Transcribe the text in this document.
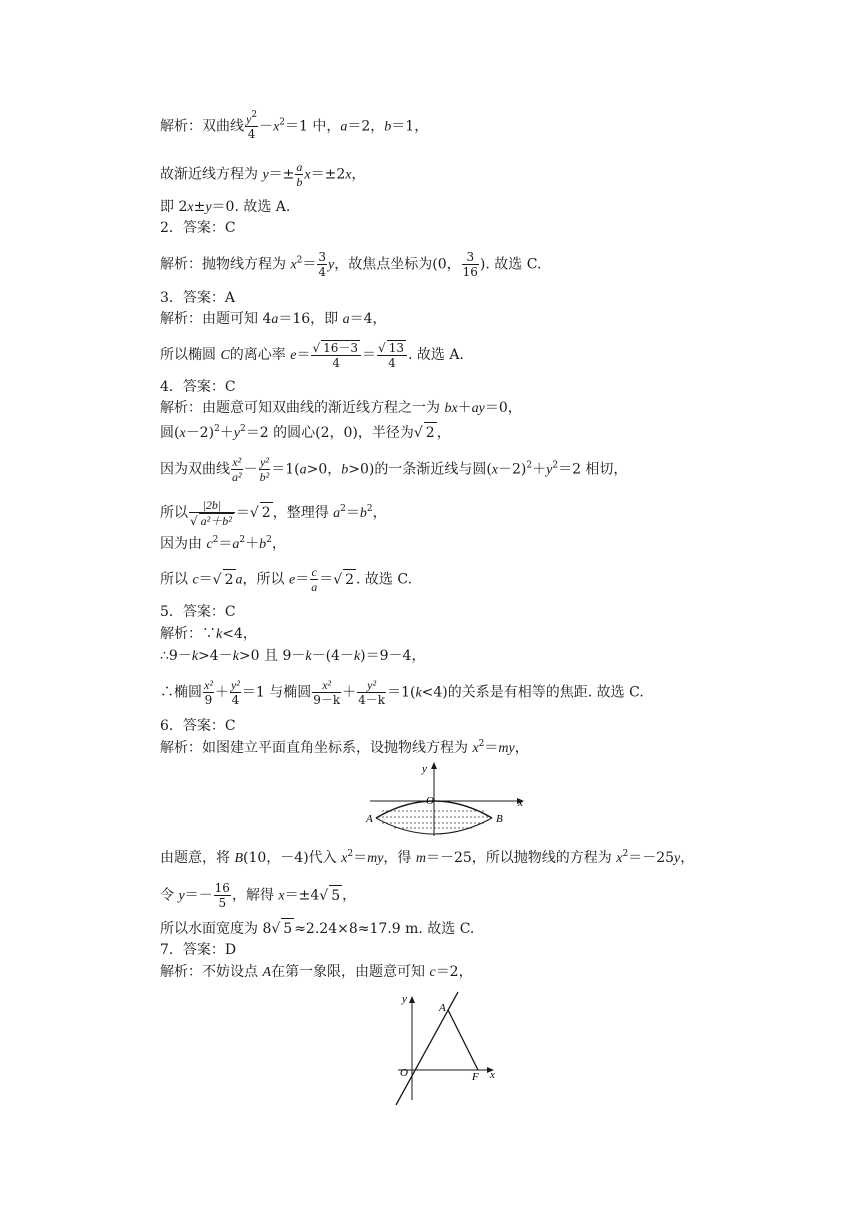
解析：双曲线 $\frac{y^2}{4} -x^2=1$ 中，a＝2，b＝1，
故渐近线方程为 $y=\pm \frac{a}{b} x=\pm 2x$，
即 2x±y＝0. 故选 A.
2．答案：C
解析：抛物线方程为 $x^2= \frac{3}{4}$ y，故焦点坐标为(0， $\frac{3}{16}$ ). 故选 C.
3．答案：A
解析：由题可知 4a＝16，即 a＝4，
所以椭圆 C的离心率 e＝ √ $\frac{16-3}{4}$ ＝ √ $\frac{13}{4}$ . 故选 A.
4．答案：C
解析：由题意可知双曲线的渐近线方程之一为 bx＋ay＝0，
圆$(x-2)^2+y^2=2$ 的圆心(2，0)，半径为 √ 2 ，
因为双曲线 $\frac{\text{x²}}{\text{a²}} - \frac{\text{y²}}{\text{b²}} =1(a>0$，b>0)的一条渐近线与圆$(x-2)^2+y^2=2$ 相切，
所以 |2b|
√ a²＋b² ＝ √ 2 ，整理得 $a^2=b^2$，
因为由 $c^2=a^2+b^2$，
所以 c＝ √ 2 a，所以 $e= \frac{c}{a}$ ＝ √ 2 . 故选 C.
5．答案：C
解析：∵k<4，
∴9－k>4－k>0 且 9－k－(4－k)＝9－4，
∴椭圆 $\frac{\text{x²}}{9} + \frac{\text{y²}}{4} =1$ 与椭圆 $\frac{\text{x²}}{9-k} + \frac{\text{y²}}{4-k} =1(k<4)$的关系是有相等的焦距. 故选 C.
6．答案：C
解析：如图建立平面直角坐标系，设抛物线方程为 $x^2=my$，
y
x
O
A	B
由题意，将 B(10，－4)代入 $x^2=my$，得 m＝－25，所以抛物线的方程为 $x^2=-25y$，
令 $y=- \frac{16}{5}$ ，解得 x＝±4 √ 5 ，
所以水面宽度为 8 √ 5 ≈2.24×8≈17.9 m. 故选 C.
7．答案：D
解析：不妨设点 A在第一象限，由题意可知 c＝2，
y
A
O	F x
